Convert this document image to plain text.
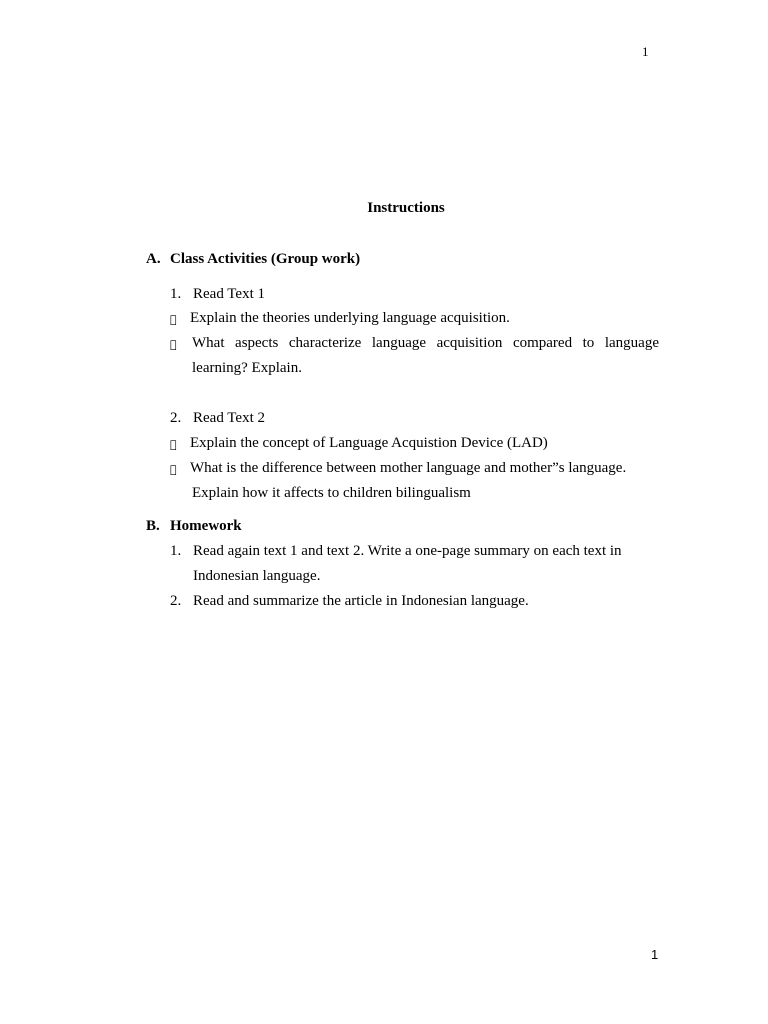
1
Instructions
A. Class Activities (Group work)
1. Read Text 1
Explain the theories underlying language acquisition.
What aspects characterize language acquisition compared to language
learning? Explain.
2. Read Text 2
Explain the concept of Language Acquistion Device (LAD)
What is the difference between mother language and mother”s language.
Explain how it affects to children bilingualism
B. Homework
1. Read again text 1 and text 2. Write a one-page summary on each text in
Indonesian language.
2. Read and summarize the article in Indonesian language.
1
